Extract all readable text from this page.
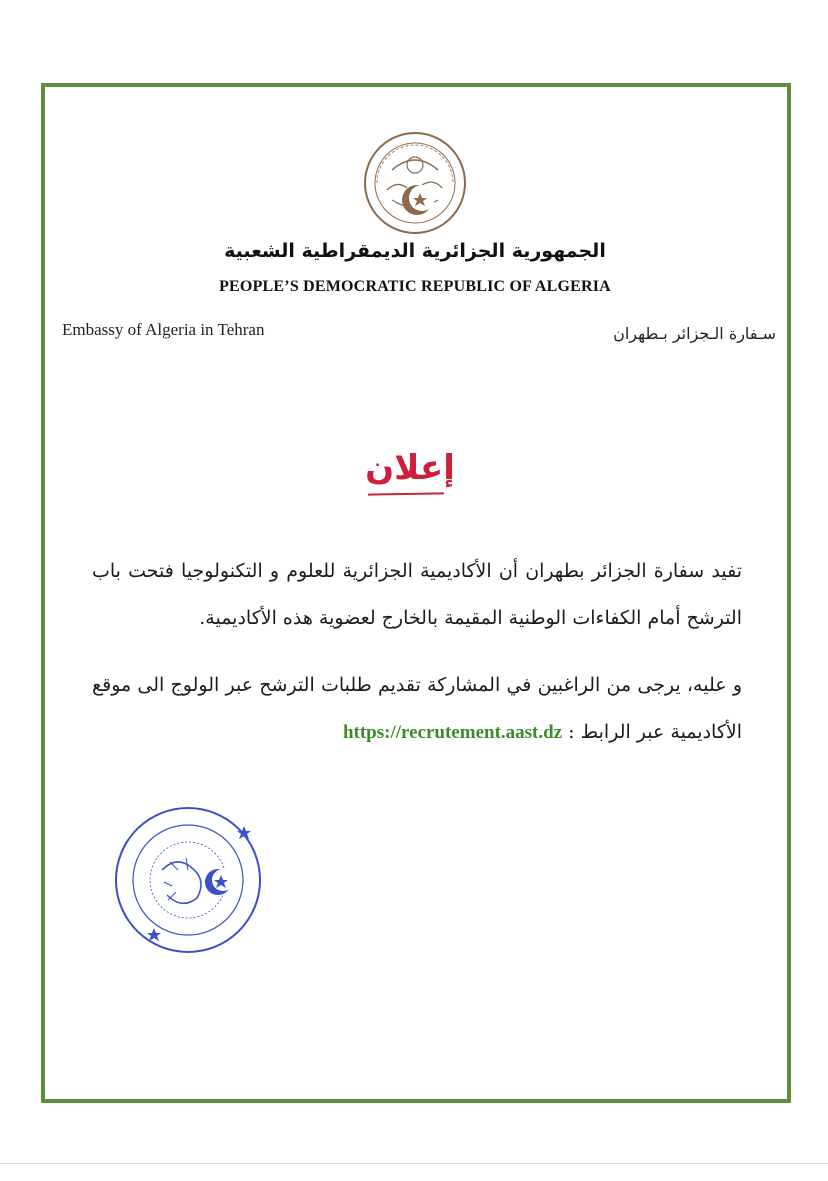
الجمهورية الجزائرية الديمقراطية الشعبية
PEOPLE’S DEMOCRATIC REPUBLIC OF ALGERIA
Embassy of Algeria in Tehran	سـفارة الـجزائر بـطهران
إعلان
تفيد سفارة الجزائر بطهران أن الأكاديمية الجزائرية للعلوم و التكنولوجيا فتحت باب الترشح أمام الكفاءات الوطنية المقيمة بالخارج لعضوية هذه الأكاديمية.
و عليه، يرجى من الراغبين في المشاركة تقديم طلبات الترشح عبر الولوج الى موقع الأكاديمية عبر الرابط : https://recrutement.aast.dz
